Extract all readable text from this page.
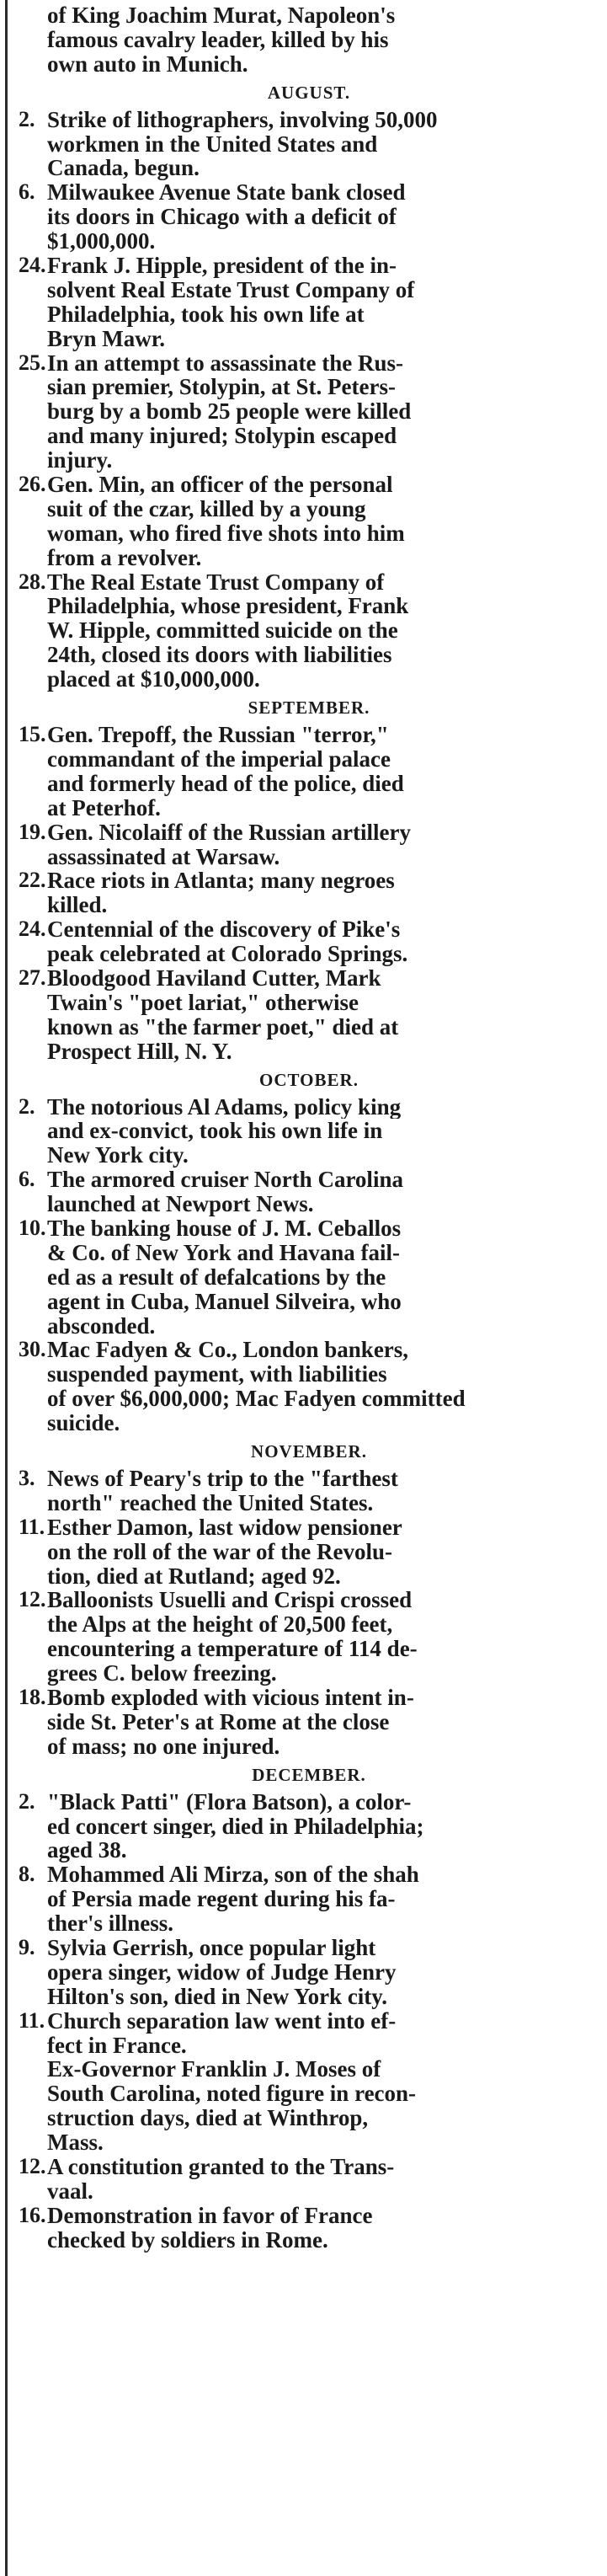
of King Joachim Murat, Napoleon's
famous cavalry leader, killed by his
own auto in Munich.
AUGUST.
2. Strike of lithographers, involving 50,000
workmen in the United States and
Canada, begun.
6. Milwaukee Avenue State bank closed
its doors in Chicago with a deficit of
$1,000,000.
24. Frank J. Hipple, president of the in-
solvent Real Estate Trust Company of
Philadelphia, took his own life at
Bryn Mawr.
25. In an attempt to assassinate the Rus-
sian premier, Stolypin, at St. Peters-
burg by a bomb 25 people were killed
and many injured; Stolypin escaped
injury.
26. Gen. Min, an officer of the personal
suit of the czar, killed by a young
woman, who fired five shots into him
from a revolver.
28. The Real Estate Trust Company of
Philadelphia, whose president, Frank
W. Hipple, committed suicide on the
24th, closed its doors with liabilities
placed at $10,000,000.
SEPTEMBER.
15. Gen. Trepoff, the Russian "terror,"
commandant of the imperial palace
and formerly head of the police, died
at Peterhof.
19. Gen. Nicolaiff of the Russian artillery
assassinated at Warsaw.
22. Race riots in Atlanta; many negroes
killed.
24. Centennial of the discovery of Pike's
peak celebrated at Colorado Springs.
27. Bloodgood Haviland Cutter, Mark
Twain's "poet lariat," otherwise
known as "the farmer poet," died at
Prospect Hill, N. Y.
OCTOBER.
2. The notorious Al Adams, policy king
and ex-convict, took his own life in
New York city.
6. The armored cruiser North Carolina
launched at Newport News.
10. The banking house of J. M. Ceballos
& Co. of New York and Havana fail-
ed as a result of defalcations by the
agent in Cuba, Manuel Silveira, who
absconded.
30. Mac Fadyen & Co., London bankers,
suspended payment, with liabilities
of over $6,000,000; Mac Fadyen committed
suicide.
NOVEMBER.
3. News of Peary's trip to the "farthest
north" reached the United States.
11. Esther Damon, last widow pensioner
on the roll of the war of the Revolu-
tion, died at Rutland; aged 92.
12. Balloonists Usuelli and Crispi crossed
the Alps at the height of 20,500 feet,
encountering a temperature of 114 de-
grees C. below freezing.
18. Bomb exploded with vicious intent in-
side St. Peter's at Rome at the close
of mass; no one injured.
DECEMBER.
2. "Black Patti" (Flora Batson), a color-
ed concert singer, died in Philadelphia;
aged 38.
8. Mohammed Ali Mirza, son of the shah
of Persia made regent during his fa-
ther's illness.
9. Sylvia Gerrish, once popular light
opera singer, widow of Judge Henry
Hilton's son, died in New York city.
11. Church separation law went into ef-
fect in France.
Ex-Governor Franklin J. Moses of
South Carolina, noted figure in recon-
struction days, died at Winthrop,
Mass.
12. A constitution granted to the Trans-
vaal.
16. Demonstration in favor of France
checked by soldiers in Rome.
